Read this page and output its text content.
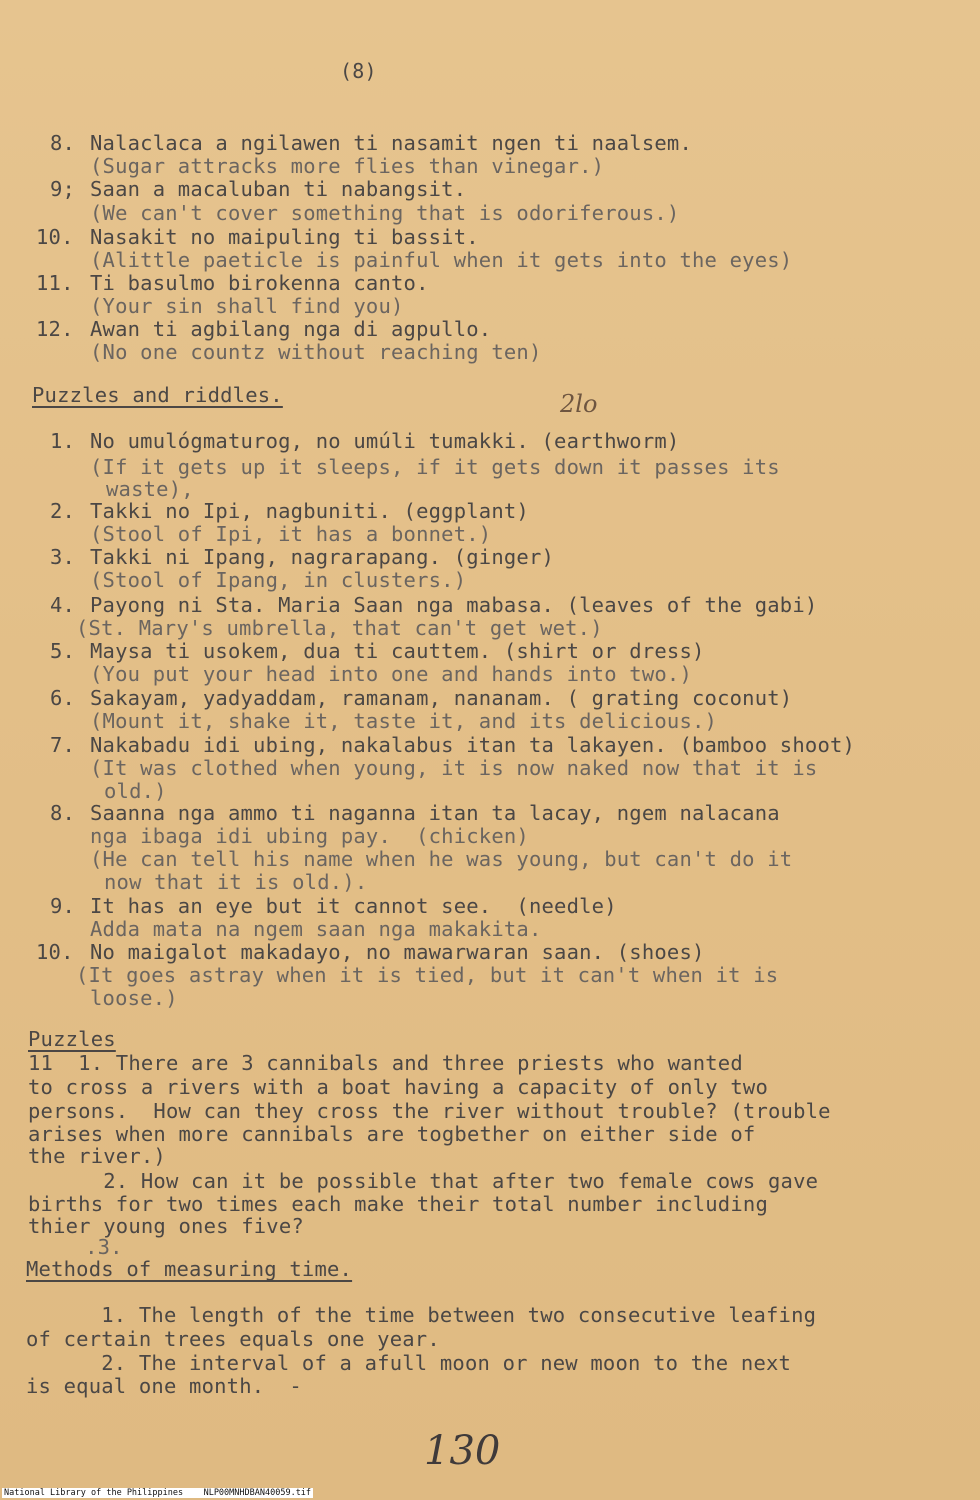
(8)
8. Nalaclaca a ngilawen ti nasamit ngen ti naalsem.
(Sugar attracks more flies than vinegar.)
9; Saan a macaluban ti nabangsit.
(We can't cover something that is odoriferous.)
10. Nasakit no maipuling ti bassit.
(Alittle paeticle is painful when it gets into the eyes)
11. Ti basulmo birokenna canto.
(Your sin shall find you)
12. Awan ti agbilang nga di agpullo.
(No one countz without reaching ten)
Puzzles and riddles.	2lo
1. No umulógmaturog, no umúli tumakki. (earthworm)
(If it gets up it sleeps, if it gets down it passes its
waste),
2. Takki no Ipi, nagbuniti. (eggplant)
(Stool of Ipi, it has a bonnet.)
3. Takki ni Ipang, nagrarapang. (ginger)
(Stool of Ipang, in clusters.)
4. Payong ni Sta. Maria Saan nga mabasa. (leaves of the gabi)
(St. Mary's umbrella, that can't get wet.)
5. Maysa ti usokem, dua ti cauttem. (shirt or dress)
(You put your head into one and hands into two.)
6. Sakayam, yadyaddam, ramanam, nananam. ( grating coconut)
(Mount it, shake it, taste it, and its delicious.)
7. Nakabadu idi ubing, nakalabus itan ta lakayen. (bamboo shoot)
(It was clothed when young, it is now naked now that it is
old.)
8. Saanna nga ammo ti naganna itan ta lacay, ngem nalacana
nga ibaga idi ubing pay.  (chicken)
(He can tell his name when he was young, but can't do it
now that it is old.).
9. It has an eye but it cannot see.  (needle)
Adda mata na ngem saan nga makakita.
10. No maigalot makadayo, no mawarwaran saan. (shoes)
(It goes astray when it is tied, but it can't when it is
loose.)
Puzzles
11  1. There are 3 cannibals and three priests who wanted
to cross a rivers with a boat having a capacity of only two
persons.  How can they cross the river without trouble? (trouble
arises when more cannibals are togbether on either side of
the river.)
2. How can it be possible that after two female cows gave
births for two times each make their total number including
thier young ones five?
.3.
Methods of measuring time.
1. The length of the time between two consecutive leafing
of certain trees equals one year.
2. The interval of a afull moon or new moon to the next
is equal one month.  -
130
National Library of the Philippines    NLP00MNHDBAN40059.tif
